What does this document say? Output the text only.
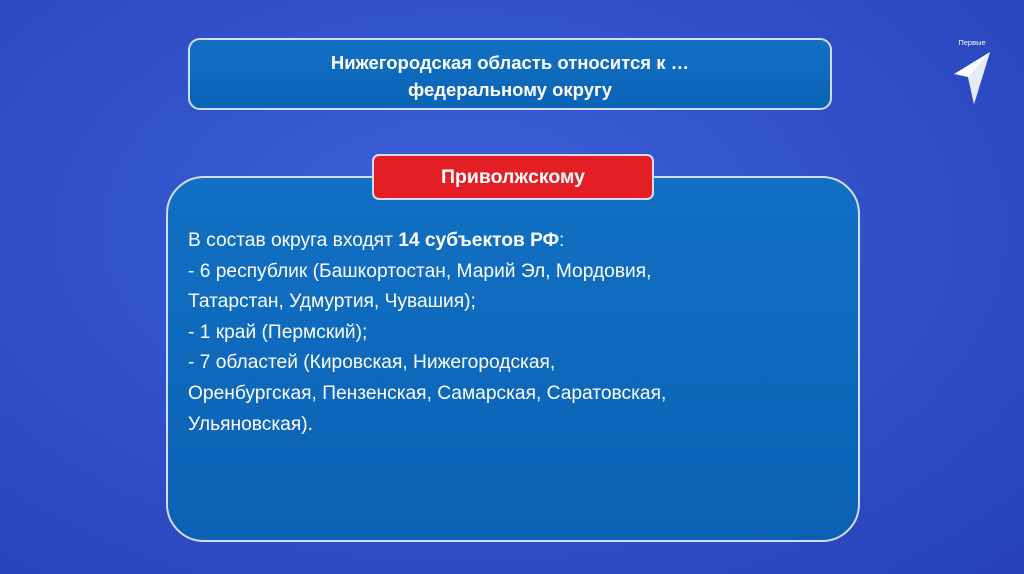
Нижегородская область относится к …
федеральному округу
Приволжскому
В состав округа входят 14 субъектов РФ:
- 6 республик (Башкортостан, Марий Эл, Мордовия,
Татарстан, Удмуртия, Чувашия);
- 1 край (Пермский);
- 7 областей (Кировская, Нижегородская,
Оренбургская, Пензенская, Самарская, Саратовская,
Ульяновская).
Первые
